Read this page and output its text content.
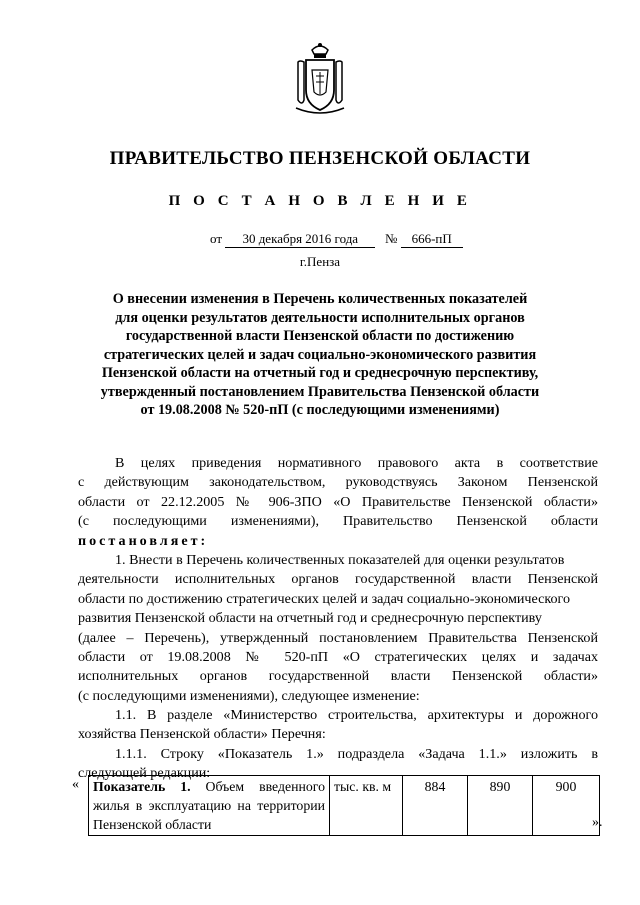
ПРАВИТЕЛЬСТВО ПЕНЗЕНСКОЙ ОБЛАСТИ
П О С Т А Н О В Л Е Н И Е
от 30 декабря 2016 года № 666-пП
г.Пенза
О внесении изменения в Перечень количественных показателей
для оценки результатов деятельности исполнительных органов
государственной власти Пензенской области по достижению
стратегических целей и задач социально-экономического развития
Пензенской области на отчетный год и среднесрочную перспективу,
утвержденный постановлением Правительства Пензенской области
от 19.08.2008 № 520-пП (с последующими изменениями)
В целях приведения нормативного правового акта в соответствие
с действующим законодательством, руководствуясь Законом Пензенской
области от 22.12.2005 № 906-ЗПО «О Правительстве Пензенской области»
(с последующими изменениями), Правительство Пензенской области
постановляет:
1. Внести в Перечень количественных показателей для оценки результатов
деятельности исполнительных органов государственной власти Пензенской
области по достижению стратегических целей и задач социально-экономического
развития Пензенской области на отчетный год и среднесрочную перспективу
(далее – Перечень), утвержденный постановлением Правительства Пензенской
области от 19.08.2008 № 520-пП «О стратегических целях и задачах
исполнительных органов государственной власти Пензенской области»
(с последующими изменениями), следующее изменение:
1.1. В разделе «Министерство строительства, архитектуры и дорожного
хозяйства Пензенской области» Перечня:
1.1.1. Строку «Показатель 1.» подраздела «Задача 1.1.» изложить в
следующей редакции:
« Показатель 1. Объем введенного жилья в эксплуатацию на территории Пензенской области	тыс. кв. м	884	890	900
».
